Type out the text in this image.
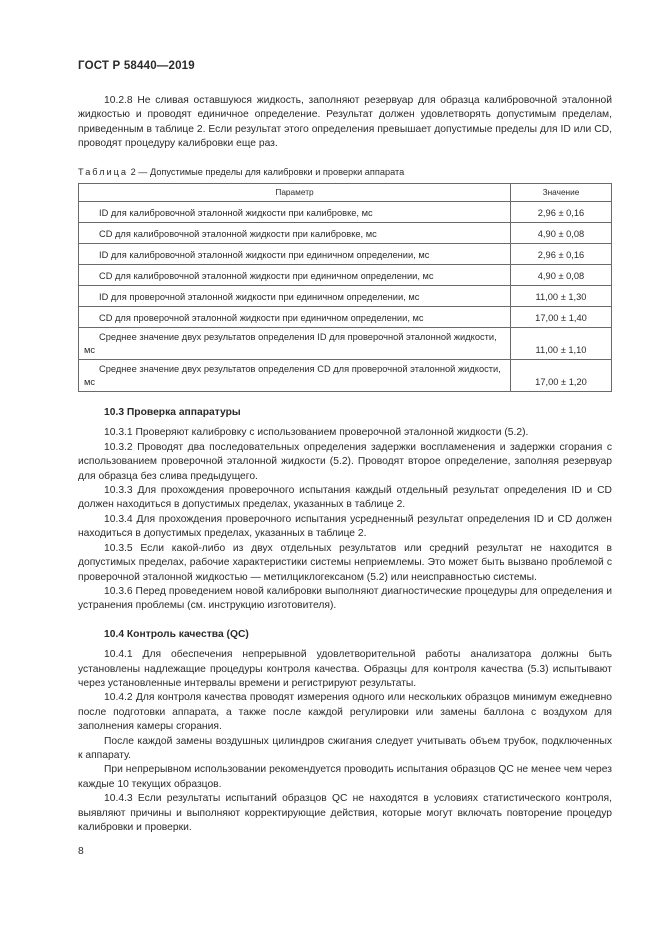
ГОСТ Р 58440—2019

10.2.8 Не сливая оставшуюся жидкость, заполняют резервуар для образца калибровочной эталонной жидкостью и проводят единичное определение. Результат должен удовлетворять допустимым пределам, приведенным в таблице 2. Если результат этого определения превышает допустимые пределы для ID или CD, проводят процедуру калибровки еще раз.

Таблица 2 — Допустимые пределы для калибровки и проверки аппарата
Параметр	Значение
ID для калибровочной эталонной жидкости при калибровке, мс	2,96 ± 0,16
CD для калибровочной эталонной жидкости при калибровке, мс	4,90 ± 0,08
ID для калибровочной эталонной жидкости при единичном определении, мс	2,96 ± 0,16
CD для калибровочной эталонной жидкости при единичном определении, мс	4,90 ± 0,08
ID для проверочной эталонной жидкости при единичном определении, мс	11,00 ± 1,30
CD для проверочной эталонной жидкости при единичном определении, мс	17,00 ± 1,40
Среднее значение двух результатов определения ID для проверочной эталонной жидкости, мс	11,00 ± 1,10
Среднее значение двух результатов определения CD для проверочной эталонной жидкости, мс	17,00 ± 1,20
10.3 Проверка аппаратуры

10.3.1 Проверяют калибровку с использованием проверочной эталонной жидкости (5.2).

10.3.2 Проводят два последовательных определения задержки воспламенения и задержки сгорания с использованием проверочной эталонной жидкости (5.2). Проводят второе определение, заполняя резервуар для образца без слива предыдущего.

10.3.3 Для прохождения проверочного испытания каждый отдельный результат определения ID и CD должен находиться в допустимых пределах, указанных в таблице 2.

10.3.4 Для прохождения проверочного испытания усредненный результат определения ID и CD должен находиться в допустимых пределах, указанных в таблице 2.

10.3.5 Если какой-либо из двух отдельных результатов или средний результат не находится в допустимых пределах, рабочие характеристики системы неприемлемы. Это может быть вызвано проблемой с проверочной эталонной жидкостью — метилциклогексаном (5.2) или неисправностью системы.

10.3.6 Перед проведением новой калибровки выполняют диагностические процедуры для определения и устранения проблемы (см. инструкцию изготовителя).

10.4 Контроль качества (QC)

10.4.1 Для обеспечения непрерывной удовлетворительной работы анализатора должны быть установлены надлежащие процедуры контроля качества. Образцы для контроля качества (5.3) испытывают через установленные интервалы времени и регистрируют результаты.

10.4.2 Для контроля качества проводят измерения одного или нескольких образцов минимум ежедневно после подготовки аппарата, а также после каждой регулировки или замены баллона с воздухом для заполнения камеры сгорания.

После каждой замены воздушных цилиндров сжигания следует учитывать объем трубок, подключенных к аппарату.

При непрерывном использовании рекомендуется проводить испытания образцов QC не менее чем через каждые 10 текущих образцов.

10.4.3 Если результаты испытаний образцов QC не находятся в условиях статистического контроля, выявляют причины и выполняют корректирующие действия, которые могут включать повторение процедур калибровки и проверки.

8
